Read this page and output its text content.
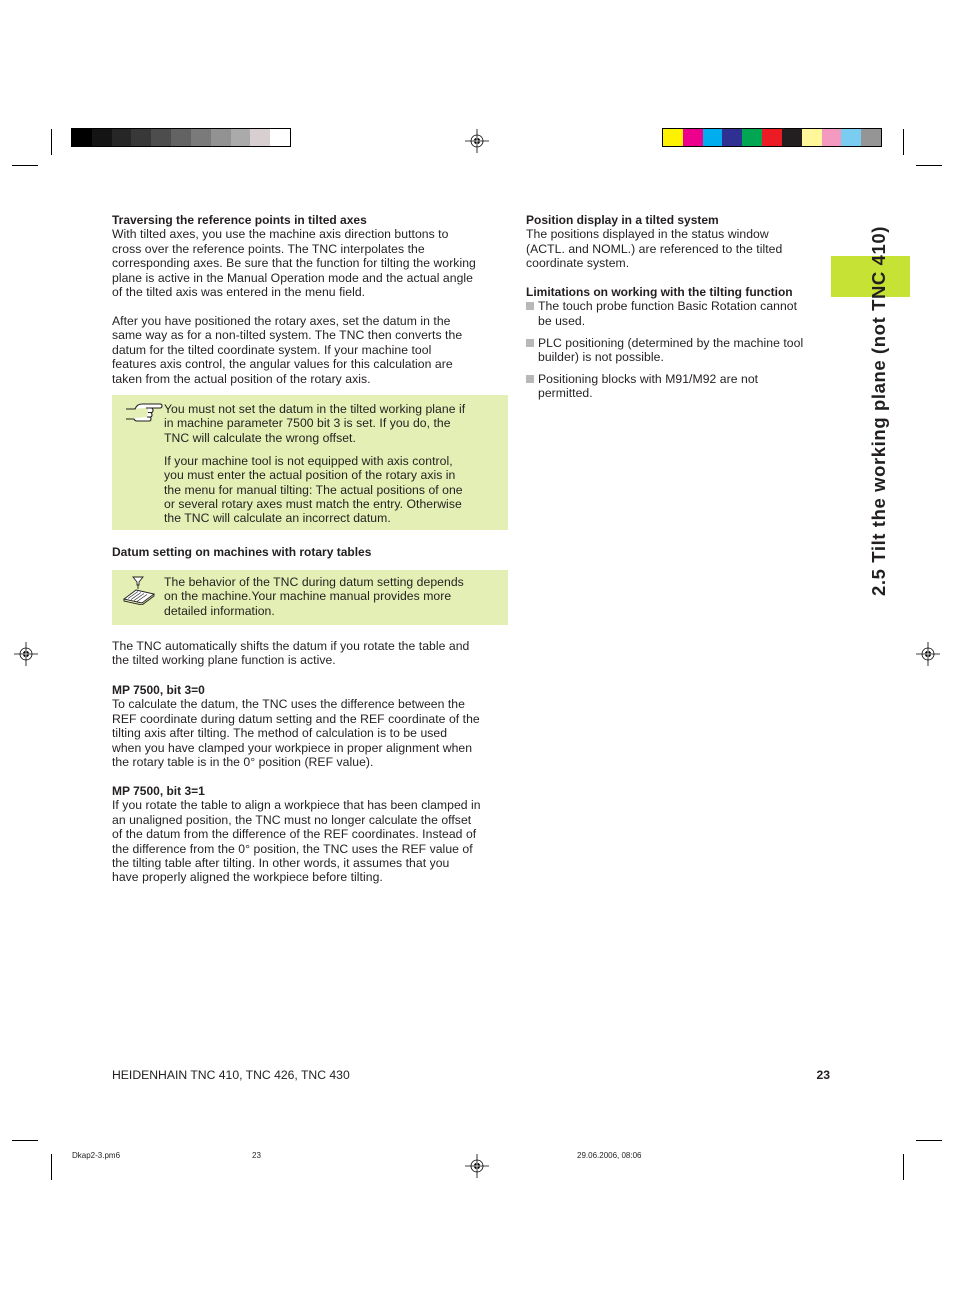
2.5 Tilt the working plane (not TNC 410)
Traversing the reference points in tilted axes
With tilted axes, you use the machine axis direction buttons to
cross over the reference points. The TNC interpolates the
corresponding axes. Be sure that the function for tilting the working
plane is active in the Manual Operation mode and the actual angle
of the tilted axis was entered in the menu field.
After you have positioned the rotary axes, set the datum in the
same way as for a non-tilted system. The TNC then converts the
datum for the tilted coordinate system. If your machine tool
features axis control, the angular values for this calculation are
taken from the actual position of the rotary axis.
You must not set the datum in the tilted working plane if
in machine parameter 7500 bit 3 is set. If you do, the
TNC will calculate the wrong offset.
If your machine tool is not equipped with axis control,
you must enter the actual position of the rotary axis in
the menu for manual tilting: The actual positions of one
or several rotary axes must match the entry. Otherwise
the TNC will calculate an incorrect datum.
Datum setting on machines with rotary tables
The behavior of the TNC during datum setting depends
on the machine.Your machine manual provides more
detailed information.
The TNC automatically shifts the datum if you rotate the table and
the tilted working plane function is active.
MP 7500, bit 3=0
To calculate the datum, the TNC uses the difference between the
REF coordinate during datum setting and the REF coordinate of the
tilting axis after tilting. The method of calculation is to be used
when you have clamped your workpiece in proper alignment when
the rotary table is in the 0° position (REF value).
MP 7500, bit 3=1
If you rotate the table to align a workpiece that has been clamped in
an unaligned position, the TNC must no longer calculate the offset
of the datum from the difference of the REF coordinates. Instead of
the difference from the 0° position, the TNC uses the REF value of
the tilting table after tilting. In other words, it assumes that you
have properly aligned the workpiece before tilting.
Position display in a tilted system
The positions displayed in the status window
(ACTL. and NOML.) are referenced to the tilted
coordinate system.
Limitations on working with the tilting function
The touch probe function Basic Rotation cannot
be used.
PLC positioning (determined by the machine tool
builder) is not possible.
Positioning blocks with M91/M92 are not
permitted.
HEIDENHAIN TNC 410, TNC 426, TNC 430	23
Dkap2-3.pm6	23	29.06.2006, 08:06
